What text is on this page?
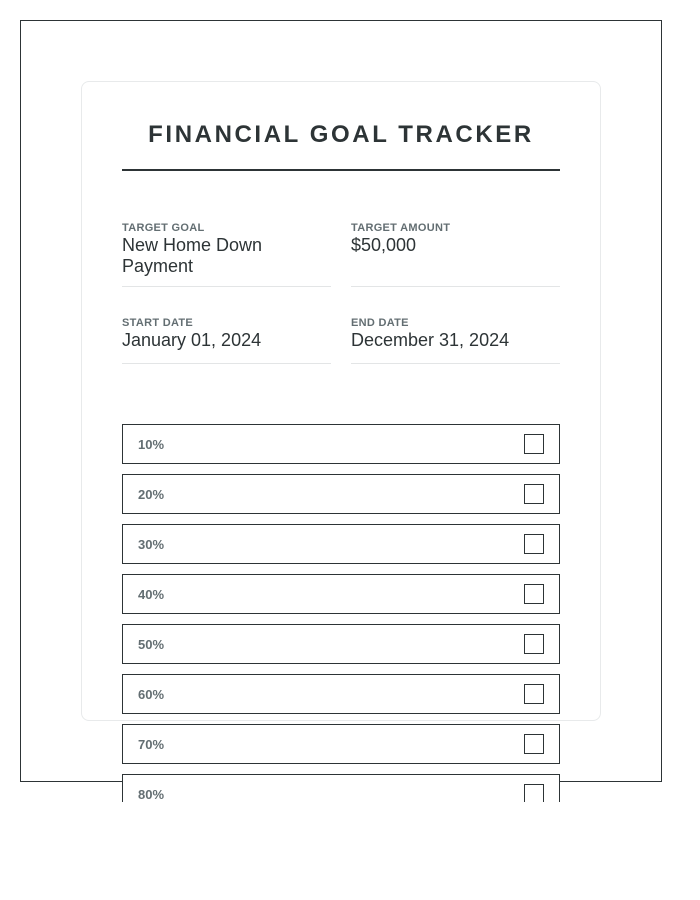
FINANCIAL GOAL TRACKER
TARGET GOAL
New Home Down Payment
TARGET AMOUNT
$50,000
START DATE
January 01, 2024
END DATE
December 31, 2024
10%
20%
30%
40%
50%
60%
70%
80%
